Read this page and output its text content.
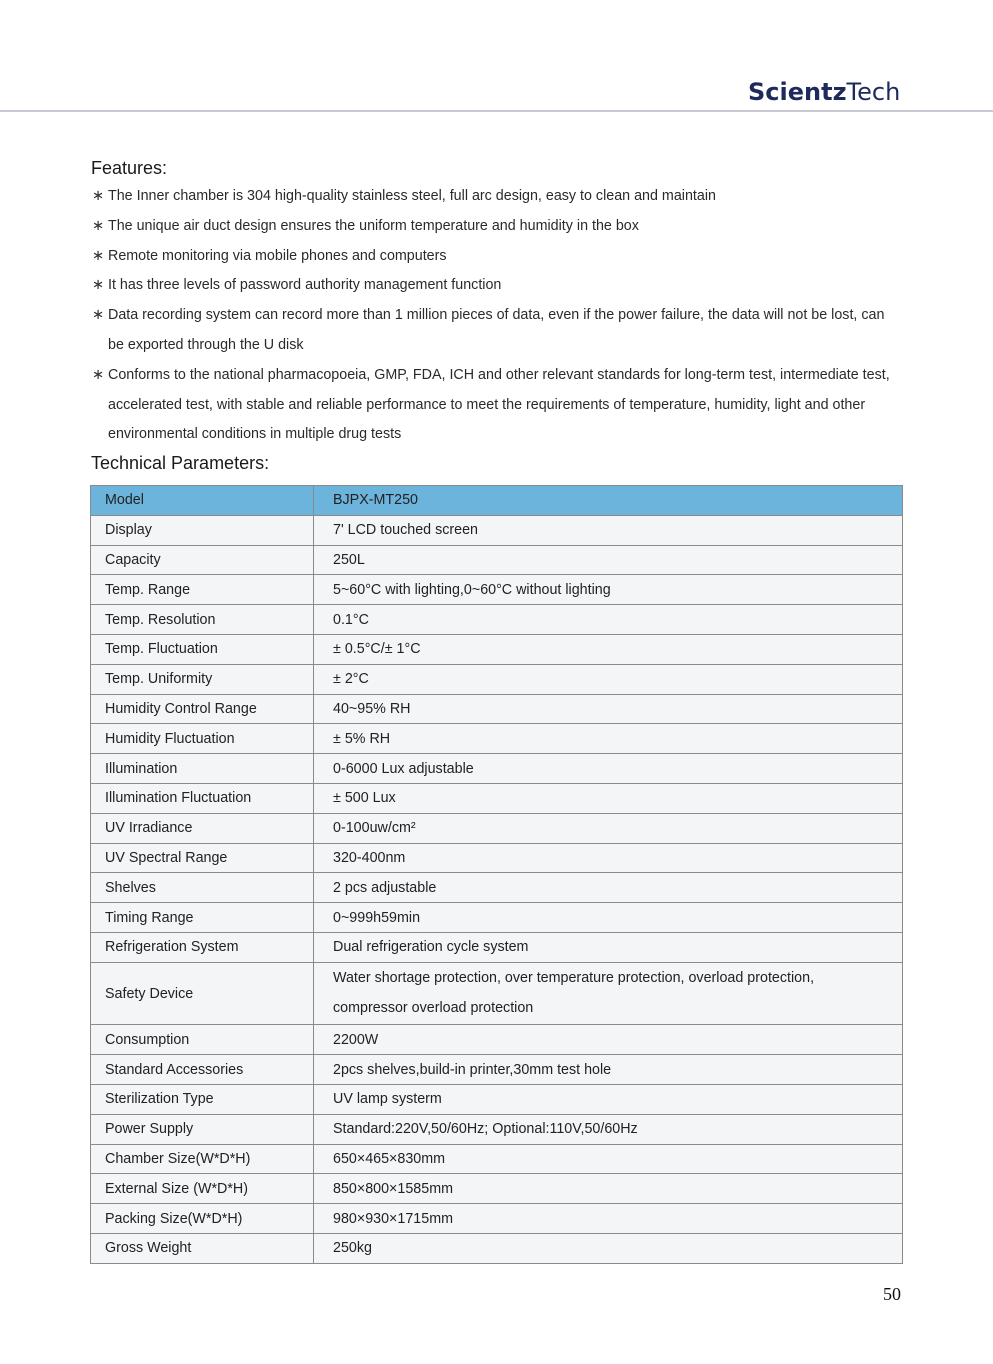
ScientzTech
Features:
∗ The Inner chamber is 304 high-quality stainless steel, full arc design, easy to clean and maintain
∗ The unique air duct design ensures the uniform temperature and humidity in the box
∗ Remote monitoring via mobile phones and computers
∗ It has three levels of password authority management function
∗ Data recording system can record more than 1 million pieces of data, even if the power failure, the data will not be lost, can be exported through the U disk
∗ Conforms to the national pharmacopoeia, GMP, FDA, ICH and other relevant standards for long-term test, intermediate test, accelerated test, with stable and reliable performance to meet the requirements of temperature, humidity, light and other environmental conditions in multiple drug tests
Technical Parameters:
Model	BJPX-MT250
Display	7' LCD touched screen
Capacity	250L
Temp. Range	5~60°C with lighting,0~60°C without lighting
Temp. Resolution	0.1°C
Temp. Fluctuation	± 0.5°C/± 1°C
Temp. Uniformity	± 2°C
Humidity Control Range	40~95% RH
Humidity Fluctuation	± 5% RH
Illumination	0-6000 Lux adjustable
Illumination Fluctuation	± 500 Lux
UV Irradiance	0-100uw/cm²
UV Spectral Range	320-400nm
Shelves	2 pcs adjustable
Timing Range	0~999h59min
Refrigeration System	Dual refrigeration cycle system
Safety Device	Water shortage protection, over temperature protection, overload protection, compressor overload protection
Consumption	2200W
Standard Accessories	2pcs shelves,build-in printer,30mm test hole
Sterilization Type	UV lamp systerm
Power Supply	Standard:220V,50/60Hz; Optional:110V,50/60Hz
Chamber Size(W*D*H)	650×465×830mm
External Size (W*D*H)	850×800×1585mm
Packing Size(W*D*H)	980×930×1715mm
Gross Weight	250kg
50
